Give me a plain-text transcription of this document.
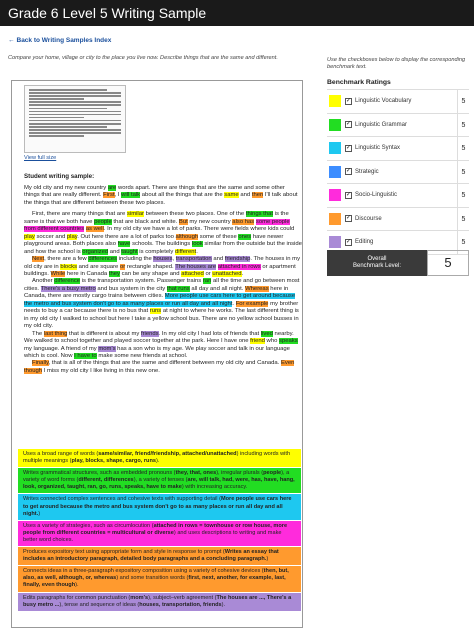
Grade 6 Level 5 Writing Sample
← Back to Writing Samples Index
Compare your home, village or city to the place you live now. Describe things that are the same and different.	Use the checkboxes below to display the corresponding benchmark text.
Benchmark Ratings
✓ Linguistic Vocabulary	5
✓ Linguistic Grammar	5
✓ Linguistic Syntax	5
✓ Strategic	5
✓ Socio-Linguistic	5
✓ Discourse	5
✓ Editing	5
Overall
Benchmark Level:	5
View full size
Student writing sample:

My old city and my new country are words apart. There are things that are the same and some other things that are really different. First, I will talk about all the things that are the same and then I'll talk about the things that are different between these two places.

First, there are many things that are similar between these two places. One of the things that is the same is that we both have people that are black and white. But my new country also has some people from different countries as well. In my old city we have a lot of parks. There were fields where kids could play soccer and play. Out here there are a lot of parks too although some of these ones have newer playground areas. Both places also have schools. The buildings look similar from the outside but the inside and how the school is organized and taught is completely different.

Next, there are a few differences including the houses, transportation and friendship. The houses in my old city are in blocks and are square or rectangle shaped. The houses are attached in rows or apartment buildings. While here in Canada they can be any shape and attached or unattached.

Another difference is the transportation system. Passenger trains ran all the time and go between most cities. There's a busy metro and bus system in the city that runs all day and all night. Whereas here in Canada, there are mostly cargo trains between cities. More people use cars here to get around because the metro and bus system don't go to as many places or run all day and all night. For example my brother needs to buy a car because there is no bus that runs at night to where he works. The last different thing is in my old city I walked to school but here I take a yellow school bus. There are no yellow school busses in my old city.

The last thing that is different is about my friends. In my old city I had lots of friends that lived nearby. We walked to school together and played soccer together at the park. Here I have one friend who speaks my language. A friend of my mom's has a son who is my age. We play soccer and talk in our language which is cool. Now I have to make some new friends at school.

Finally, that is all of the things that are the same and different between my old city and Canada. Even though I miss my old city I like living in this new one.

Uses a broad range of words (same/similar, friend/friendship, attached/unattached) including words with multiple meanings (play, blocks, shape, cargo, runs).
Writes grammatical structures, such as embedded pronouns (they, that, ones), irregular plurals (people), a variety of word forms (different, differences), a variety of tenses (are, will talk, had, were, has, have, hang, look, organized, taught, ran, go, runs, speaks, have to make) with increasing accuracy.
Writes connected complex sentences and cohesive texts with supporting detail (More people use cars here to get around because the metro and bus system don't go to as many places or run all day and all night.)
Uses a variety of strategies, such as circumlocution (attached in rows = townhouse or row house, more people from different countries = multicultural or diverse) and uses descriptions to writing and make better word choices.
Produces expository text using appropriate form and style in response to prompt (Writes an essay that includes an introductory paragraph, detailed body paragraphs and a concluding paragraph.)
Connects ideas in a three-paragraph expository composition using a variety of cohesive devices (then, but, also, as well, although, or, whereas) and some transition words (first, next, another, for example, last, finally, even though).
Edits paragraphs for common punctuation (mom's), subject–verb agreement (The houses are ..., There's a busy metro ...), tense and sequence of ideas (houses, transportation, friends).
